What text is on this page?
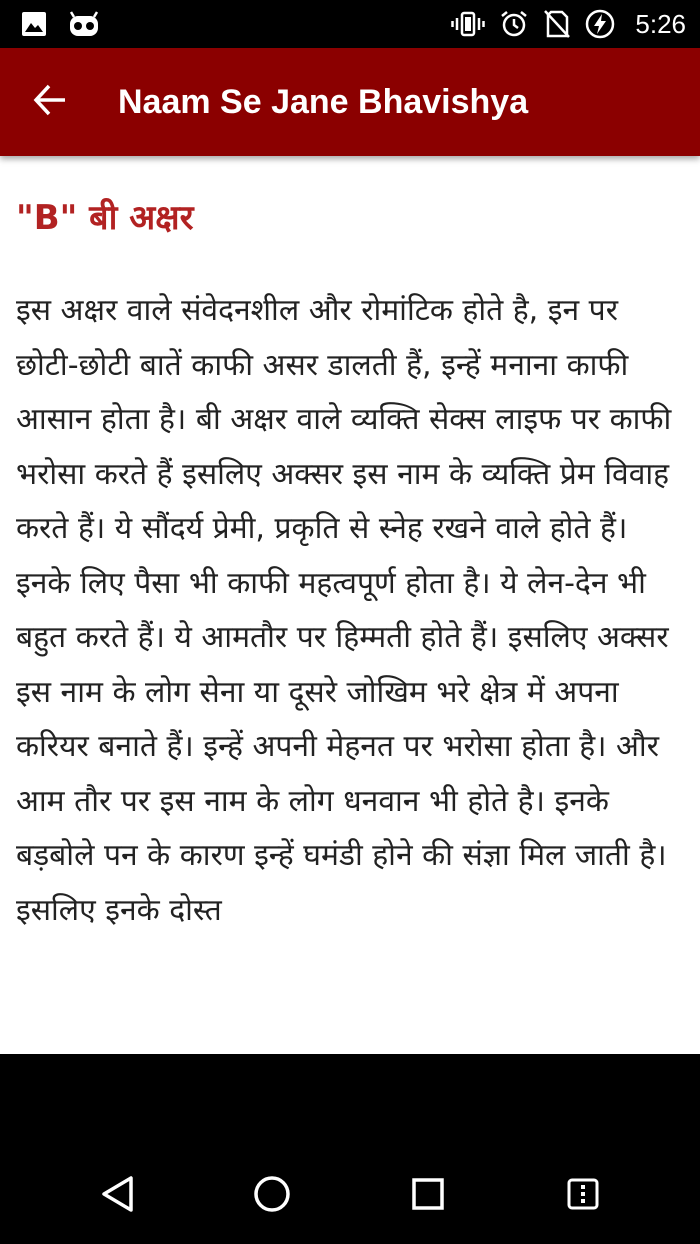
5:26
Naam Se Jane Bhavishya
"B" बी अक्षर

इस अक्षर वाले संवेदनशील और रोमांटिक होते है, इन पर छोटी-छोटी बातें काफी असर डालती हैं, इन्हें मनाना काफी आसान होता है। बी अक्षर वाले व्यक्ति सेक्स लाइफ पर काफी भरोसा करते हैं इसलिए अक्सर इस नाम के व्यक्ति प्रेम विवाह करते हैं। ये सौंदर्य प्रेमी, प्रकृति से स्नेह रखने वाले होते हैं। इनके लिए पैसा भी काफी महत्वपूर्ण होता है। ये लेन-देन भी बहुत करते हैं। ये आमतौर पर हिम्मती होते हैं। इसलिए अक्सर इस नाम के लोग सेना या दूसरे जोखिम भरे क्षेत्र में अपना करियर बनाते हैं। इन्हें अपनी मेहनत पर भरोसा होता है। और आम तौर पर इस नाम के लोग धनवान भी होते है। इनके बड़बोले पन के कारण इन्हें घमंडी होने की संज्ञा मिल जाती है। इसलिए इनके दोस्त
